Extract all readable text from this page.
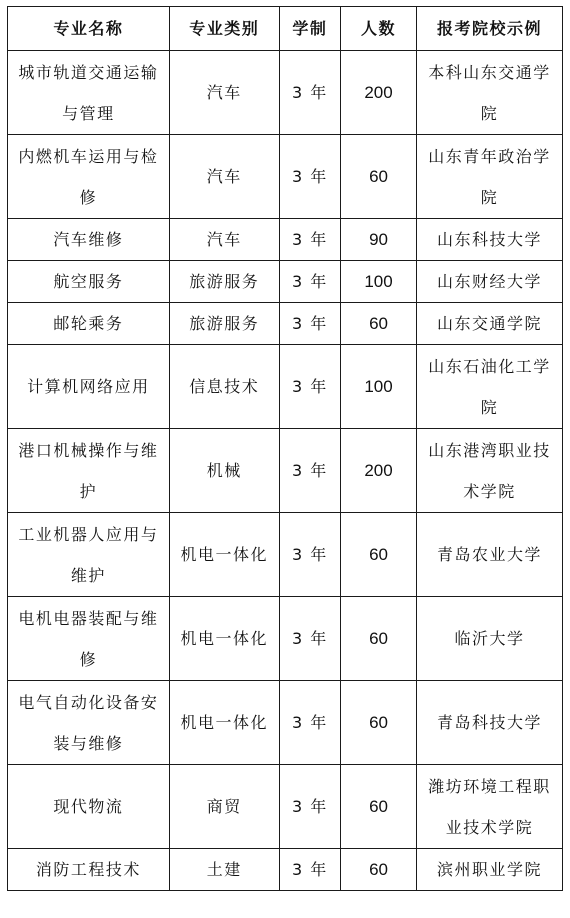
专业名称	专业类别	学制	人数	报考院校示例
城市轨道交通运输与管理	汽车	3 年	200	本科山东交通学院
内燃机车运用与检修	汽车	3 年	60	山东青年政治学院
汽车维修	汽车	3 年	90	山东科技大学
航空服务	旅游服务	3 年	100	山东财经大学
邮轮乘务	旅游服务	3 年	60	山东交通学院
计算机网络应用	信息技术	3 年	100	山东石油化工学院
港口机械操作与维护	机械	3 年	200	山东港湾职业技术学院
工业机器人应用与维护	机电一体化	3 年	60	青岛农业大学
电机电器装配与维修	机电一体化	3 年	60	临沂大学
电气自动化设备安装与维修	机电一体化	3 年	60	青岛科技大学
现代物流	商贸	3 年	60	潍坊环境工程职业技术学院
消防工程技术	土建	3 年	60	滨州职业学院
